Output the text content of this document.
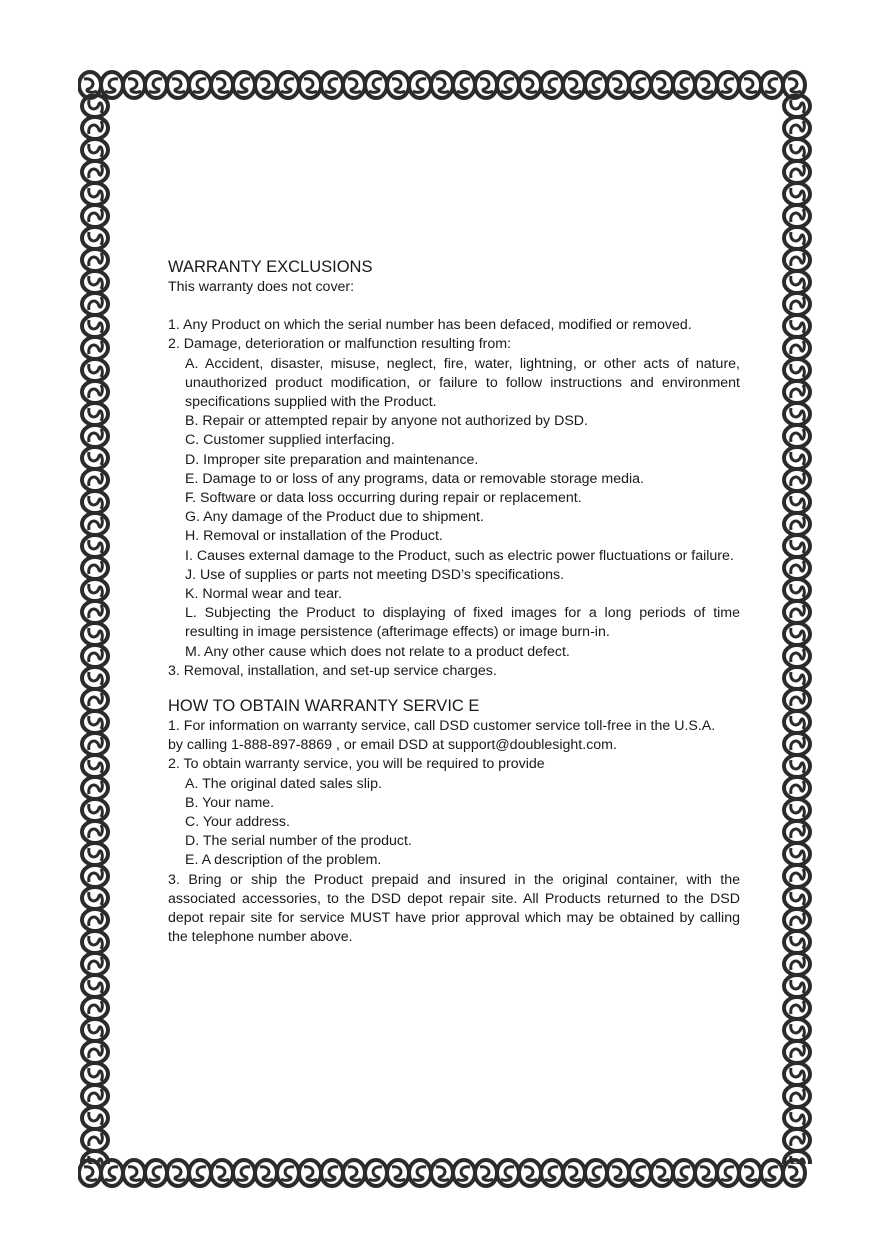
WARRANTY EXCLUSIONS

This warranty does not cover:

1. Any Product on which the serial number has been defaced, modified or removed.

2. Damage, deterioration or malfunction resulting from:

A. Accident, disaster, misuse, neglect, fire, water, lightning, or other acts of nature, unauthorized product modification, or failure to follow instructions and environment specifications supplied with the Product.

B. Repair or attempted repair by anyone not authorized by DSD.

C. Customer supplied interfacing.

D. Improper site preparation and maintenance.

E. Damage to or loss of any programs, data or removable storage media.

F. Software or data loss occurring during repair or replacement.

G. Any damage of the Product due to shipment.

H. Removal or installation of the Product.

I. Causes external damage to the Product, such as electric power fluctuations or failure.

J. Use of supplies or parts not meeting DSD’s specifications.

K. Normal wear and tear.

L. Subjecting the Product to displaying of fixed images for a long periods of time resulting in image persistence (afterimage effects) or image burn-in.

M. Any other cause which does not relate to a product defect.

3. Removal, installation, and set-up service charges.

HOW TO OBTAIN WARRANTY SERVIC E

1. For information on warranty service, call DSD customer service toll-free in the U.S.A.

by calling 1-888-897-8869 , or email DSD at support@doublesight.com.

2. To obtain warranty service, you will be required to provide

A. The original dated sales slip.

B. Your name.

C. Your address.

D. The serial number of the product.

E. A description of the problem.

3. Bring or ship the Product prepaid and insured in the original container, with the associated accessories, to the DSD depot repair site. All Products returned to the DSD depot repair site for service MUST have prior approval which may be obtained by calling the telephone number above.
